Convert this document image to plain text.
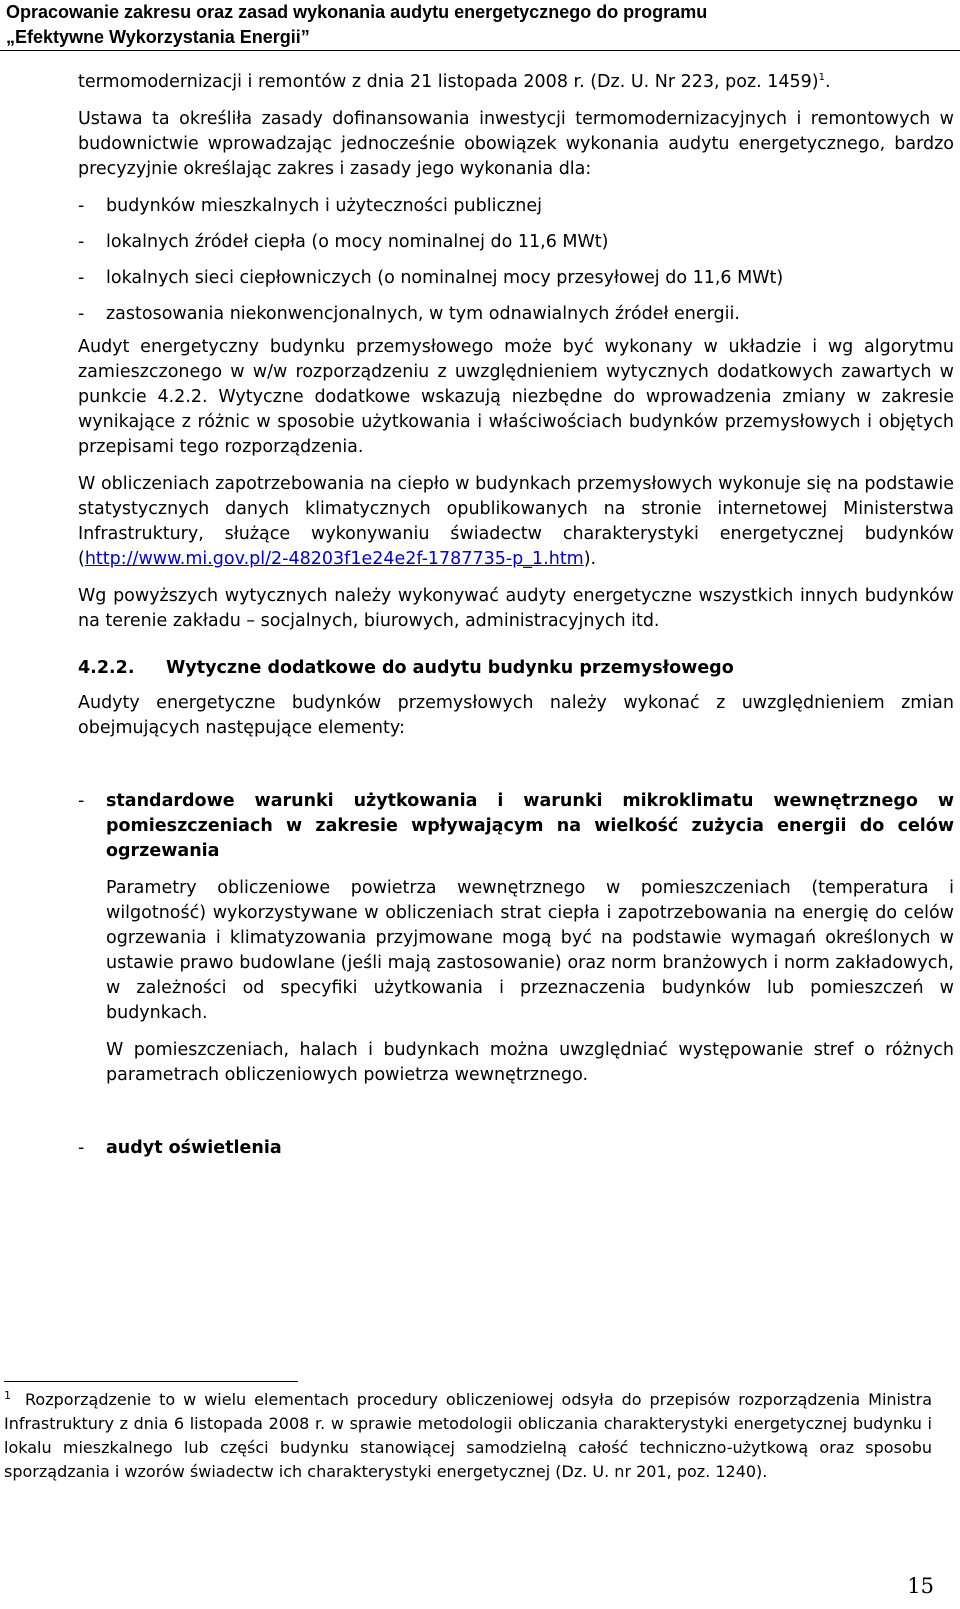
Opracowanie zakresu oraz zasad wykonania audytu energetycznego do programu
„Efektywne Wykorzystania Energii”

termomodernizacji i remontów z dnia 21 listopada 2008 r. (Dz. U. Nr 223, poz. 1459)$^1$.

Ustawa ta określiła zasady dofinansowania inwestycji termomodernizacyjnych i remontowych w budownictwie wprowadzając jednocześnie obowiązek wykonania audytu energetycznego, bardzo precyzyjnie określając zakres i zasady jego wykonania dla:

-	budynków mieszkalnych i użyteczności publicznej
-	lokalnych źródeł ciepła (o mocy nominalnej do 11,6 MWt)
-	lokalnych sieci ciepłowniczych (o nominalnej mocy przesyłowej do 11,6 MWt)
-	zastosowania niekonwencjonalnych, w tym odnawialnych źródeł energii.

Audyt energetyczny budynku przemysłowego może być wykonany w układzie i wg algorytmu zamieszczonego w w/w rozporządzeniu z uwzględnieniem wytycznych dodatkowych zawartych w punkcie 4.2.2. Wytyczne dodatkowe wskazują niezbędne do wprowadzenia zmiany w zakresie wynikające z różnic w sposobie użytkowania i właściwościach budynków przemysłowych i objętych przepisami tego rozporządzenia.

W obliczeniach zapotrzebowania na ciepło w budynkach przemysłowych wykonuje się na podstawie statystycznych danych klimatycznych opublikowanych na stronie internetowej Ministerstwa Infrastruktury, służące wykonywaniu świadectw charakterystyki energetycznej budynków (http://www.mi.gov.pl/2-48203f1e24e2f-1787735-p_1.htm).

Wg powyższych wytycznych należy wykonywać audyty energetyczne wszystkich innych budynków na terenie zakładu – socjalnych, biurowych, administracyjnych itd.

4.2.2. Wytyczne dodatkowe do audytu budynku przemysłowego

Audyty energetyczne budynków przemysłowych należy wykonać z uwzględnieniem zmian obejmujących następujące elementy:

-	standardowe warunki użytkowania i warunki mikroklimatu wewnętrznego w pomieszczeniach w zakresie wpływającym na wielkość zużycia energii do celów ogrzewania

Parametry obliczeniowe powietrza wewnętrznego w pomieszczeniach (temperatura i wilgotność) wykorzystywane w obliczeniach strat ciepła i zapotrzebowania na energię do celów ogrzewania i klimatyzowania przyjmowane mogą być na podstawie wymagań określonych w ustawie prawo budowlane (jeśli mają zastosowanie) oraz norm branżowych i norm zakładowych, w zależności od specyfiki użytkowania i przeznaczenia budynków lub pomieszczeń w budynkach.

W pomieszczeniach, halach i budynkach można uwzględniać występowanie stref o różnych parametrach obliczeniowych powietrza wewnętrznego.

-	audyt oświetlenia

$^1$ Rozporządzenie to w wielu elementach procedury obliczeniowej odsyła do przepisów rozporządzenia Ministra Infrastruktury z dnia 6 listopada 2008 r. w sprawie metodologii obliczania charakterystyki energetycznej budynku i lokalu mieszkalnego lub części budynku stanowiącej samodzielną całość techniczno-użytkową oraz sposobu sporządzania i wzorów świadectw ich charakterystyki energetycznej (Dz. U. nr 201, poz. 1240).
15
